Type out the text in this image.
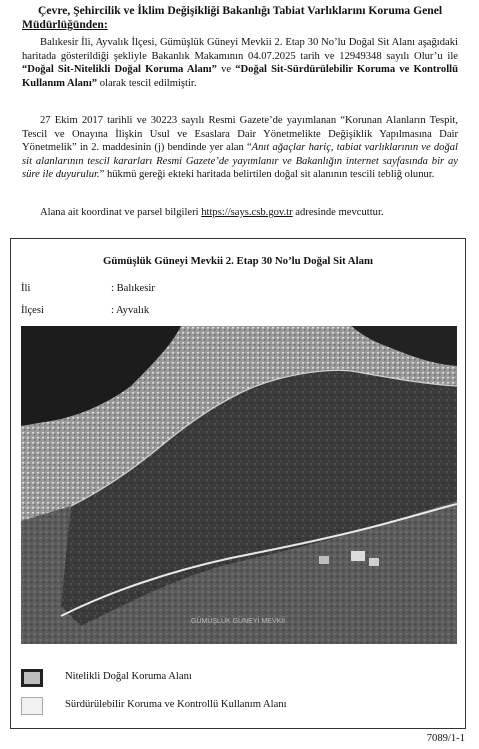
Çevre, Şehircilik ve İklim Değişikliği Bakanlığı Tabiat Varlıklarını Koruma Genel
Müdürlüğünden:

Balıkesir İli, Ayvalık İlçesi, Gümüşlük Güneyi Mevkii 2. Etap 30 No’lu Doğal Sit Alanı aşağıdaki haritada gösterildiği şekliyle Bakanlık Makamının 04.07.2025 tarih ve 12949348 sayılı Olur’u ile “Doğal Sit-Nitelikli Doğal Koruma Alanı” ve “Doğal Sit-Sürdürülebilir Koruma ve Kontrollü Kullanım Alanı” olarak tescil edilmiştir.

27 Ekim 2017 tarihli ve 30223 sayılı Resmi Gazete’de yayımlanan “Korunan Alanların Tespit, Tescil ve Onayına İlişkin Usul ve Esaslara Dair Yönetmelikte Değişiklik Yapılmasına Dair Yönetmelik” in 2. maddesinin (j) bendinde yer alan “Anıt ağaçlar hariç, tabiat varlıklarının ve doğal sit alanlarının tescil kararları Resmi Gazete’de yayımlanır ve Bakanlığın internet sayfasında bir ay süre ile duyurulur.” hükmü gereği ekteki haritada belirtilen doğal sit alanının tescili tebliğ olunur.

Alana ait koordinat ve parsel bilgileri https://says.csb.gov.tr adresinde mevcuttur.

Gümüşlük Güneyi Mevkii 2. Etap 30 No’lu Doğal Sit Alanı
İli	: Balıkesir
İlçesi	: Ayvalık
GÜMÜŞLÜK GÜNEYİ MEVKİİ
Nitelikli Doğal Koruma Alanı
Sürdürülebilir Koruma ve Kontrollü Kullanım Alanı
7089/1-1
